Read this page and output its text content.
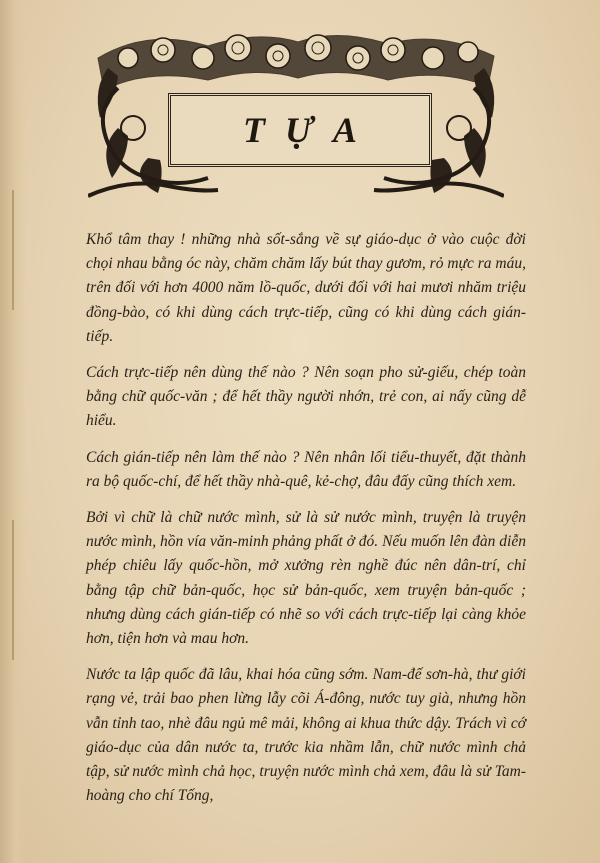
TỰA

Khổ tâm thay ! những nhà sốt-sắng về sự giáo-dục ở vào cuộc đời chọi nhau bằng óc này, chăm chăm lấy bút thay gươm, rỏ mực ra máu, trên đối với hơn 4000 năm lồ-quốc, dưới đối với hai mươi nhăm triệu đồng-bào, có khi dùng cách trực-tiếp, cũng có khi dùng cách gián-tiếp.

Cách trực-tiếp nên dùng thế nào ? Nên soạn pho sử-giếu, chép toàn bằng chữ quốc-văn ; để hết thầy người nhớn, trẻ con, ai nấy cũng dễ hiểu.

Cách gián-tiếp nên làm thế nào ? Nên nhân lối tiểu-thuyết, đặt thành ra bộ quốc-chí, để hết thầy nhà-quê, kẻ-chợ, đâu đấy cũng thích xem.

Bởi vì chữ là chữ nước mình, sử là sử nước mình, truyện là truyện nước mình, hồn vía văn-minh phảng phất ở đó. Nếu muốn lên đàn diễn phép chiêu lấy quốc-hồn, mở xưởng rèn nghề đúc nên dân-trí, chỉ bằng tập chữ bản-quốc, học sử bản-quốc, xem truyện bản-quốc ; nhưng dùng cách gián-tiếp có nhẽ so với cách trực-tiếp lại càng khỏe hơn, tiện hơn và mau hơn.

Nước ta lập quốc đã lâu, khai hóa cũng sớm. Nam-đế sơn-hà, thư giới rạng vẻ, trải bao phen lừng lẫy cõi Á-đông, nước tuy già, nhưng hồn vẫn tỉnh tao, nhè đâu ngủ mê mải, không ai khua thức dậy. Trách vì cớ giáo-dục của dân nước ta, trước kia nhầm lẫn, chữ nước mình chả tập, sử nước mình chả học, truyện nước mình chả xem, đâu là sử Tam-hoàng cho chí Tống,
